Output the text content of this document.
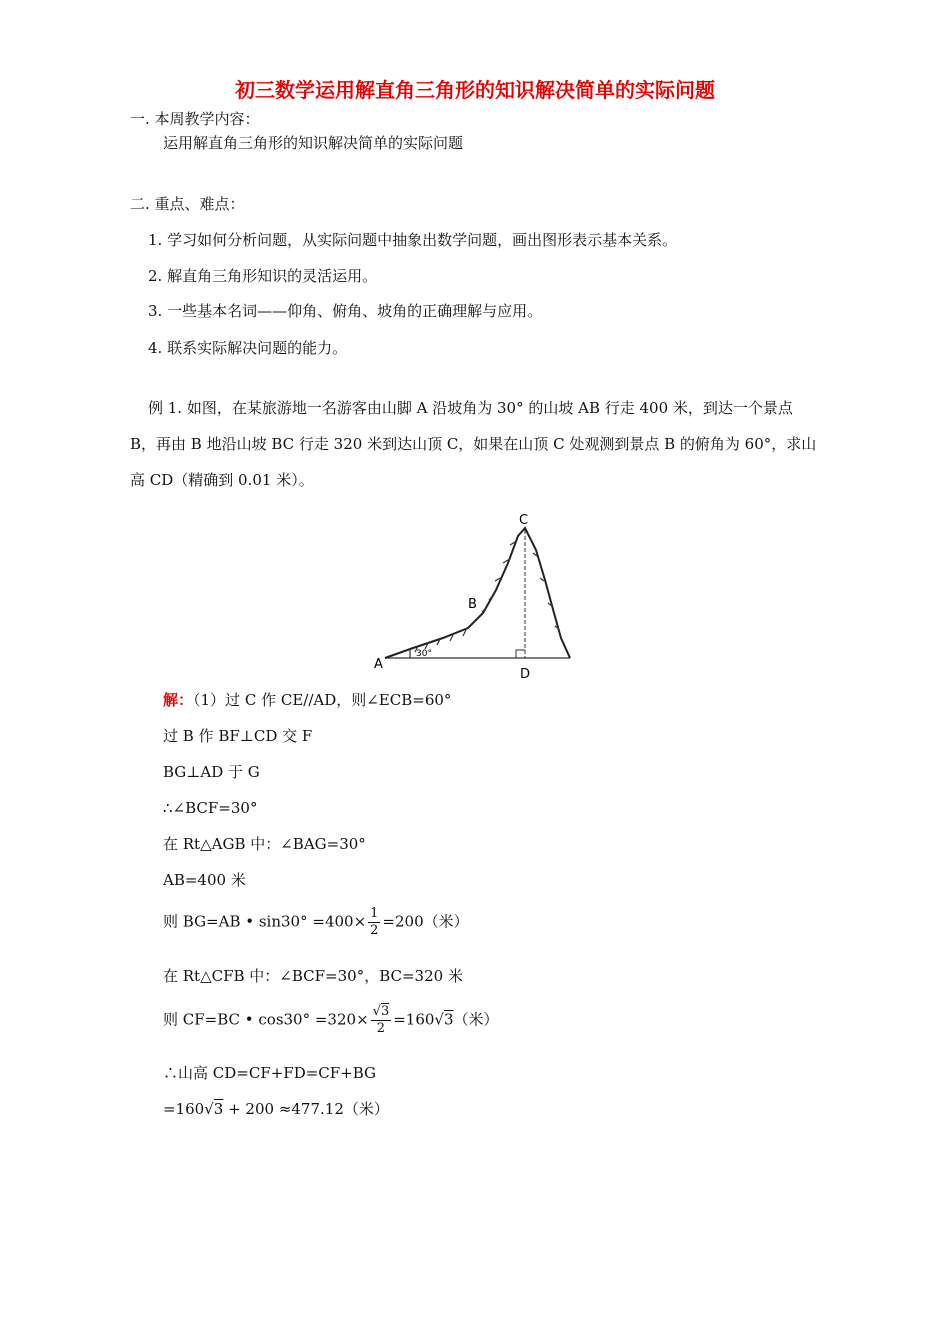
初三数学运用解直角三角形的知识解决简单的实际问题
一. 本周教学内容：
运用解直角三角形的知识解决简单的实际问题
二. 重点、难点：
1. 学习如何分析问题，从实际问题中抽象出数学问题，画出图形表示基本关系。
2. 解直角三角形知识的灵活运用。
3. 一些基本名词——仰角、俯角、坡角的正确理解与应用。
4. 联系实际解决问题的能力。
例 1. 如图，在某旅游地一名游客由山脚 A 沿坡角为 30° 的山坡 AB 行走 400 米，到达一个景点 B，再由 B 地沿山坡 BC 行走 320 米到达山顶 C，如果在山顶 C 处观测到景点 B 的俯角为 60°，求山高 CD（精确到 0.01 米）。
30°
A
B
C
D
解：（1）过 C 作 CE//AD，则∠ECB=60°
过 B 作 BF⊥CD 交 F
BG⊥AD 于 G
∴∠BCF=30°
在 Rt△AGB 中：∠BAG=30°
AB=400 米
则 BG=AB • $\sin 30^\circ =400\times \frac{1}{2} =200$（米）
在 Rt△CFB 中：∠BCF=30°，BC=320 米
则 CF=BC • $\cos 30^\circ =320\times \frac{√3}{2} =160√3$（米）
∴山高 CD=CF+FD=CF+BG
=160√3 + 200 ≈477.12（米）
